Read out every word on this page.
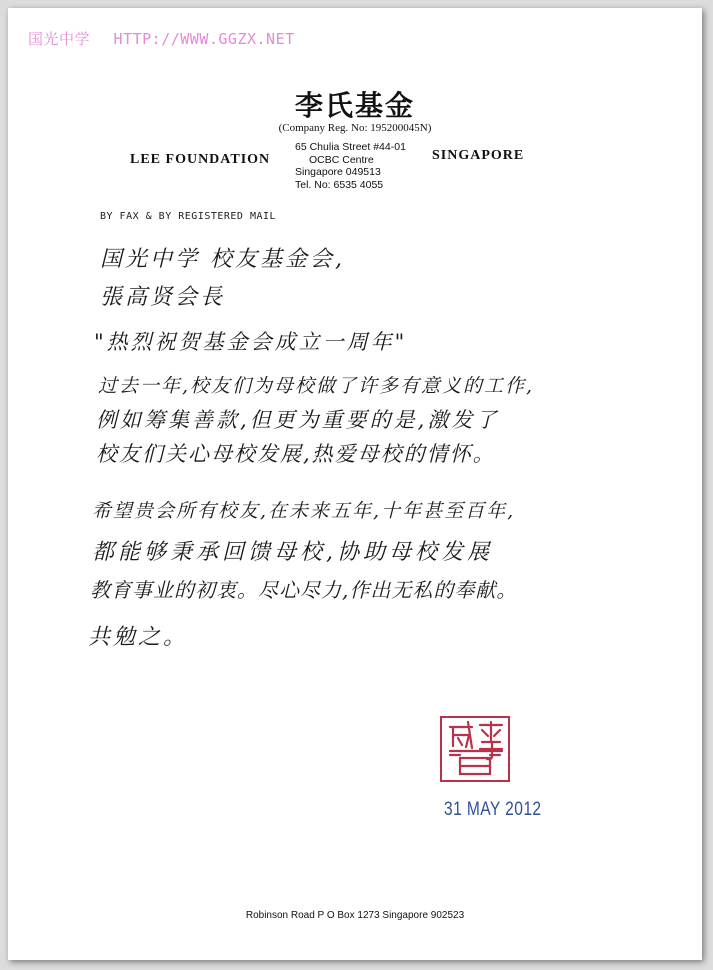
国光中学 HTTP://WWW.GGZX.NET
李氏基金
(Company Reg. No: 195200045N)
LEE FOUNDATION
65 Chulia Street #44-01
OCBC Centre
Singapore 049513
Tel. No: 6535 4055
SINGAPORE
BY FAX & BY REGISTERED MAIL
国光中学 校友基金会,
張高贤会長
"热烈祝贺基金会成立一周年"
过去一年,校友们为母校做了许多有意义的工作,
例如筹集善款,但更为重要的是,激发了
校友们关心母校发展,热爱母校的情怀。
希望贵会所有校友,在未来五年,十年甚至百年,
都能够秉承回馈母校,协助母校发展
教育事业的初衷。尽心尽力,作出无私的奉献。
共勉之。
31 MAY 2012
Robinson Road P O Box 1273 Singapore 902523
